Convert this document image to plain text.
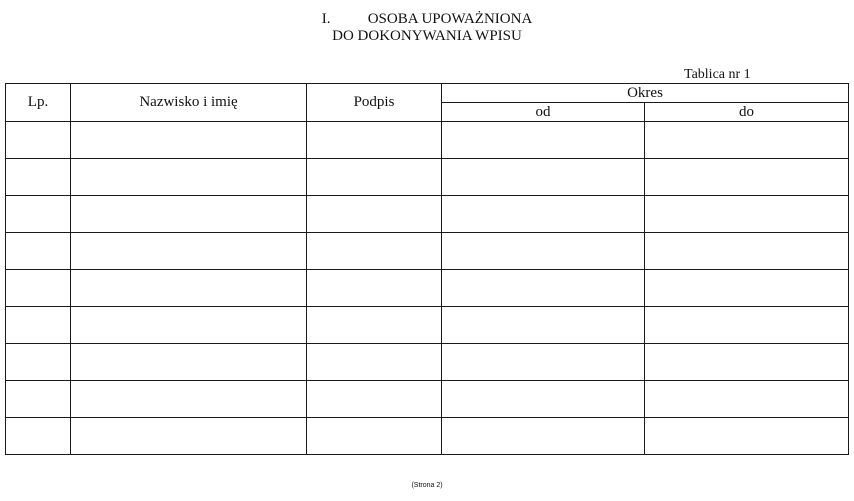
I. OSOBA UPOWAŻNIONA
DO DOKONYWANIA WPISU
Tablica nr 1
Lp.	Nazwisko i imię	Podpis	Okres	
			od	do

(Strona 2)
